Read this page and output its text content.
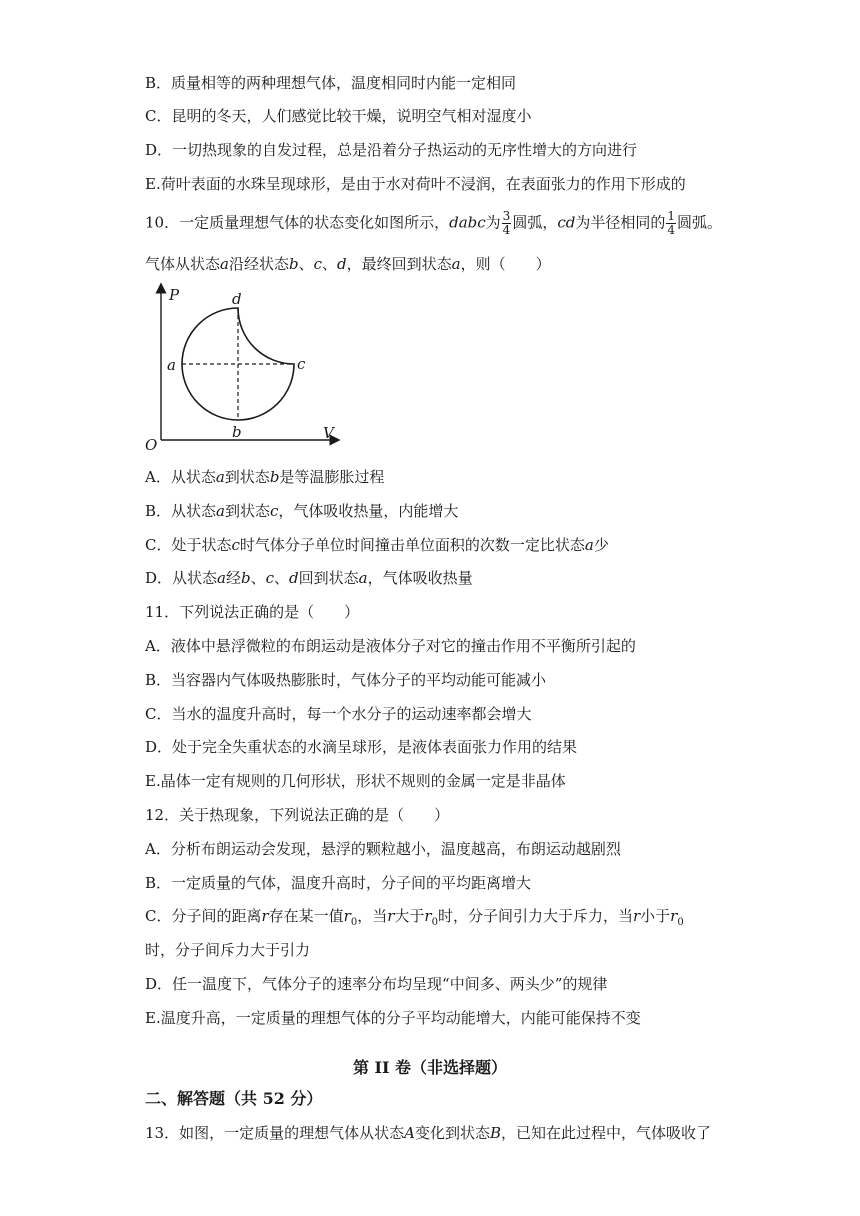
B．质量相等的两种理想气体，温度相同时内能一定相同
C．昆明的冬天，人们感觉比较干燥，说明空气相对湿度小
D．一切热现象的自发过程，总是沿着分子热运动的无序性增大的方向进行
E.荷叶表面的水珠呈现球形，是由于水对荷叶不浸润，在表面张力的作用下形成的
10．一定质量理想气体的状态变化如图所示，dabc为 $\frac{3}{4}$ 圆弧，cd为半径相同的 $\frac{1}{4}$ 圆弧。
气体从状态a沿经状态b、c、d，最终回到状态a，则（　　）
P
V
O
a
b
c
d
A．从状态a到状态b是等温膨胀过程
B．从状态a到状态c，气体吸收热量，内能增大
C．处于状态c时气体分子单位时间撞击单位面积的次数一定比状态a少
D．从状态a经b、c、d回到状态a，气体吸收热量
11．下列说法正确的是（　　）
A．液体中悬浮微粒的布朗运动是液体分子对它的撞击作用不平衡所引起的
B．当容器内气体吸热膨胀时，气体分子的平均动能可能减小
C．当水的温度升高时，每一个水分子的运动速率都会增大
D．处于完全失重状态的水滴呈球形，是液体表面张力作用的结果
E.晶体一定有规则的几何形状，形状不规则的金属一定是非晶体
12．关于热现象，下列说法正确的是（　　）
A．分析布朗运动会发现，悬浮的颗粒越小，温度越高，布朗运动越剧烈
B．一定质量的气体，温度升高时，分子间的平均距离增大
C．分子间的距离r存在某一值$r_0$，当r大于$r_0$时，分子间引力大于斥力，当r小于$r_0$
时，分子间斥力大于引力
D．任一温度下，气体分子的速率分布均呈现“中间多、两头少”的规律
E.温度升高，一定质量的理想气体的分子平均动能增大，内能可能保持不变
第 II 卷（非选择题）
二、解答题（共 52 分）
13．如图，一定质量的理想气体从状态A变化到状态B，已知在此过程中，气体吸收了
